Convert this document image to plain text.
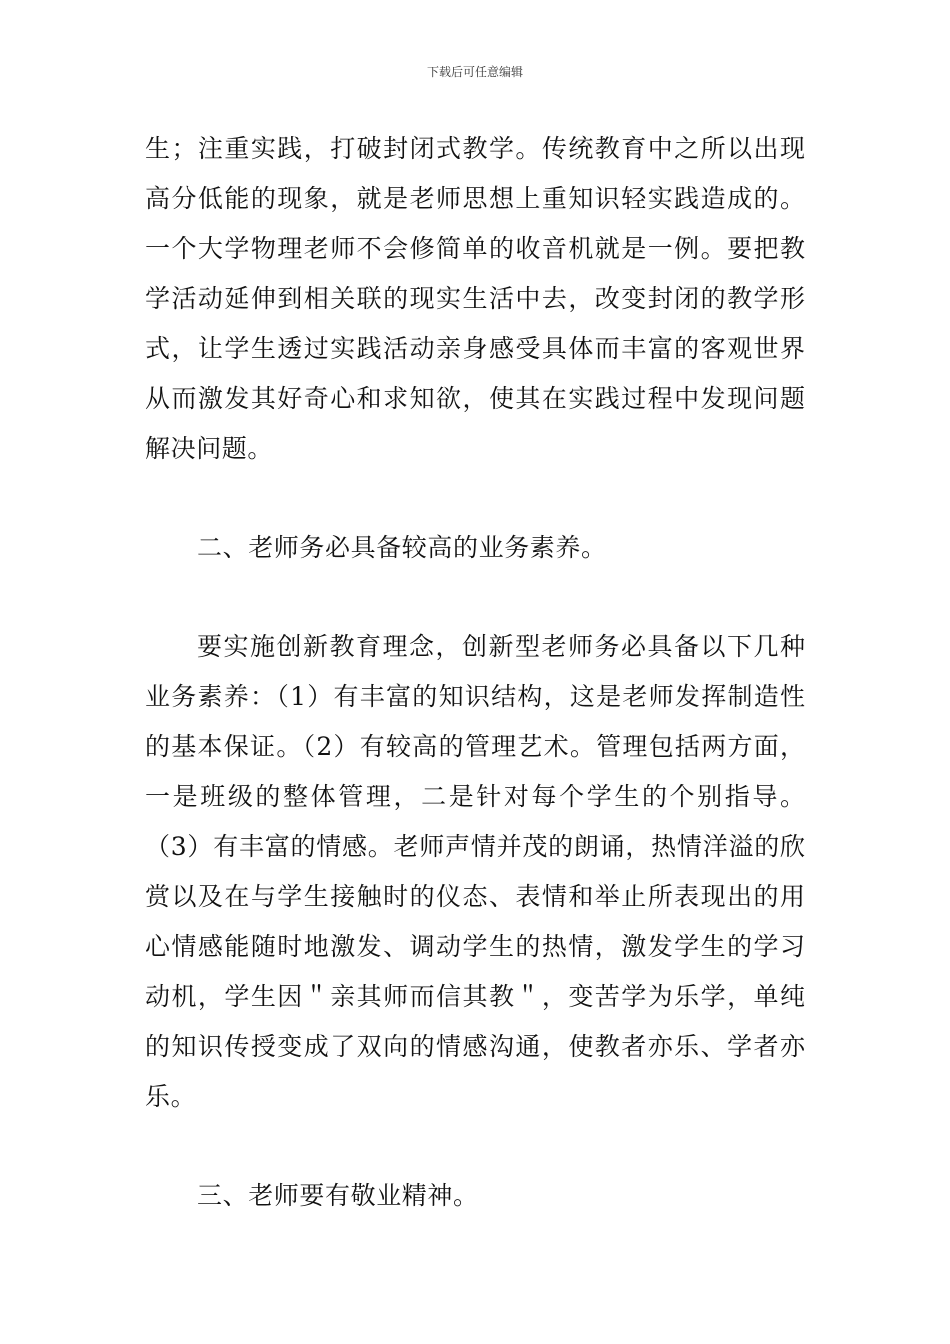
下载后可任意编辑
生；注重实践，打破封闭式教学。传统教育中之所以出现
高分低能的现象，就是老师思想上重知识轻实践造成的。
一个大学物理老师不会修简单的收音机就是一例。要把教
学活动延伸到相关联的现实生活中去，改变封闭的教学形
式，让学生透过实践活动亲身感受具体而丰富的客观世界
从而激发其好奇心和求知欲，使其在实践过程中发现问题
解决问题。
二、老师务必具备较高的业务素养。
要实施创新教育理念，创新型老师务必具备以下几种
业务素养：（1）有丰富的知识结构，这是老师发挥制造性
的基本保证。（2）有较高的管理艺术。管理包括两方面，
一是班级的整体管理，二是针对每个学生的个别指导。
（3）有丰富的情感。老师声情并茂的朗诵，热情洋溢的欣
赏以及在与学生接触时的仪态、表情和举止所表现出的用
心情感能随时地激发、调动学生的热情，激发学生的学习
动机，学生因＂亲其师而信其教＂，变苦学为乐学，单纯
的知识传授变成了双向的情感沟通，使教者亦乐、学者亦
乐。
三、老师要有敬业精神。
